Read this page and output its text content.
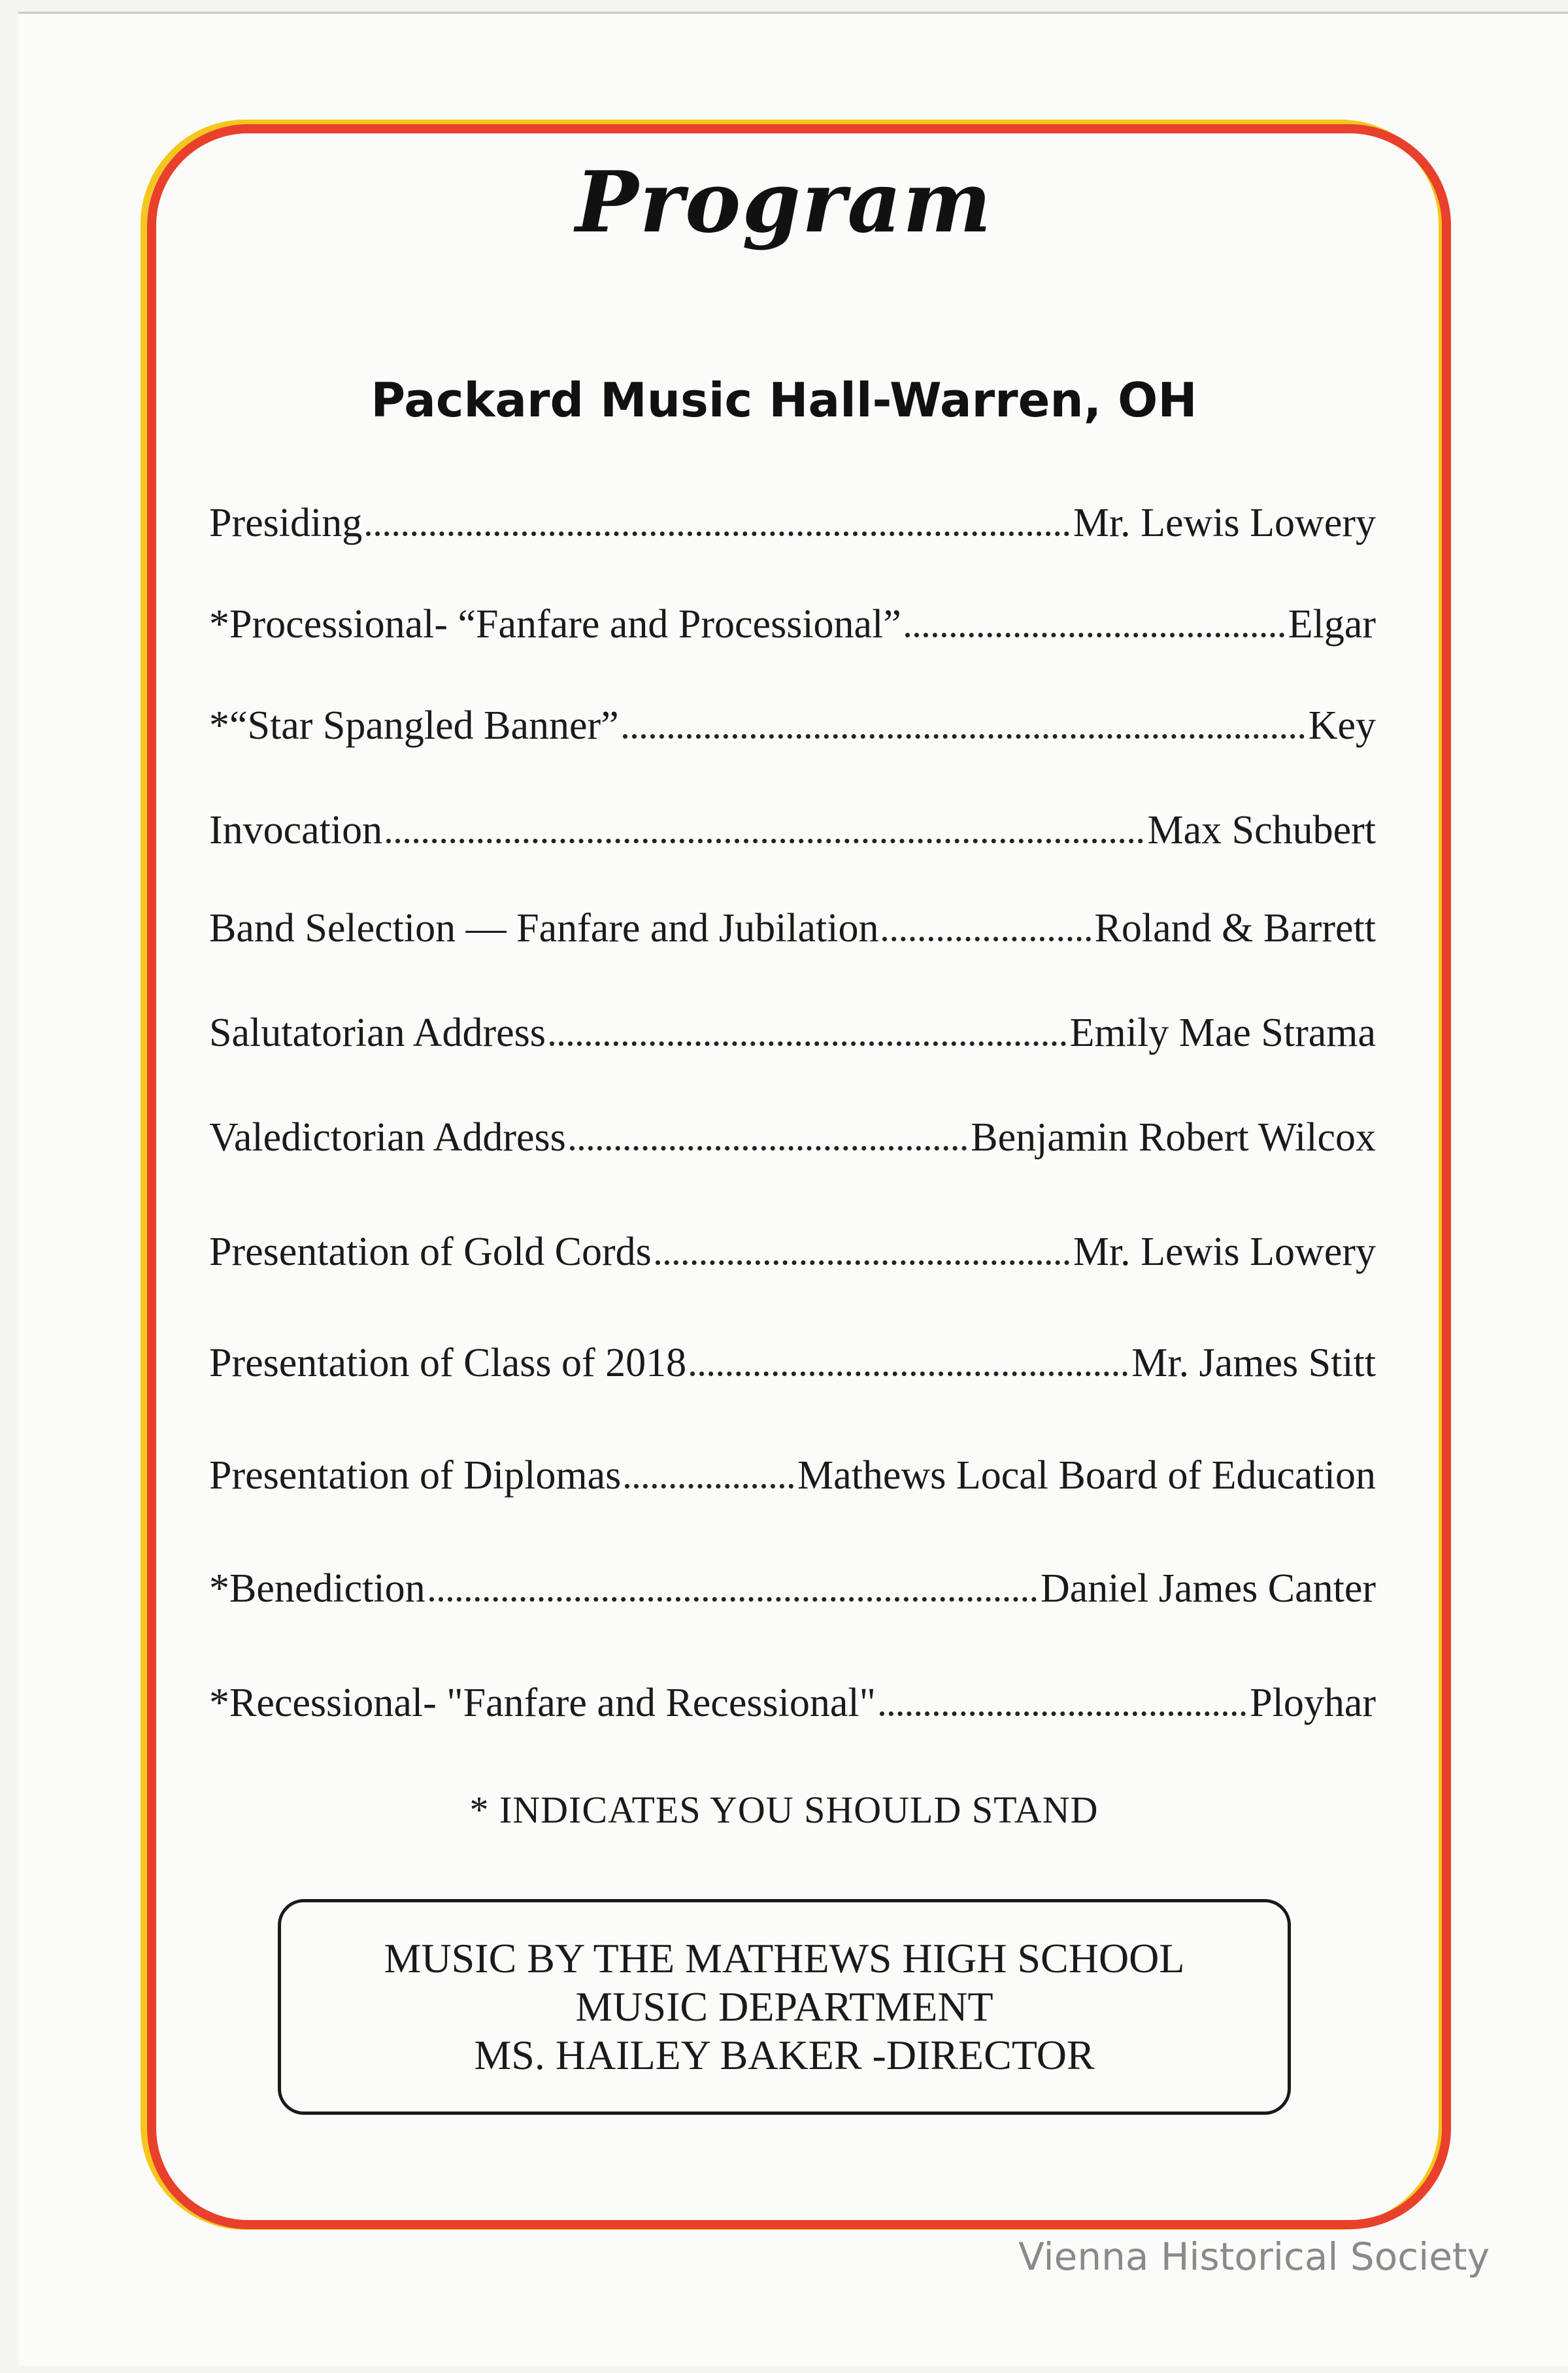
Program
Packard Music Hall-Warren, OH
Presiding	Mr. Lewis Lowery
*Processional- “Fanfare and Processional”	Elgar
*“Star Spangled Banner”	Key
Invocation	Max Schubert
Band Selection — Fanfare and Jubilation	Roland & Barrett
Salutatorian Address	Emily Mae Strama
Valedictorian Address	Benjamin Robert Wilcox
Presentation of Gold Cords	Mr. Lewis Lowery
Presentation of Class of 2018	Mr. James Stitt
Presentation of Diplomas	Mathews Local Board of Education
*Benediction	Daniel James Canter
*Recessional- "Fanfare and Recessional"	Ployhar
* INDICATES YOU SHOULD STAND
MUSIC BY THE MATHEWS HIGH SCHOOL
MUSIC DEPARTMENT
MS. HAILEY BAKER -DIRECTOR
Vienna Historical Society
